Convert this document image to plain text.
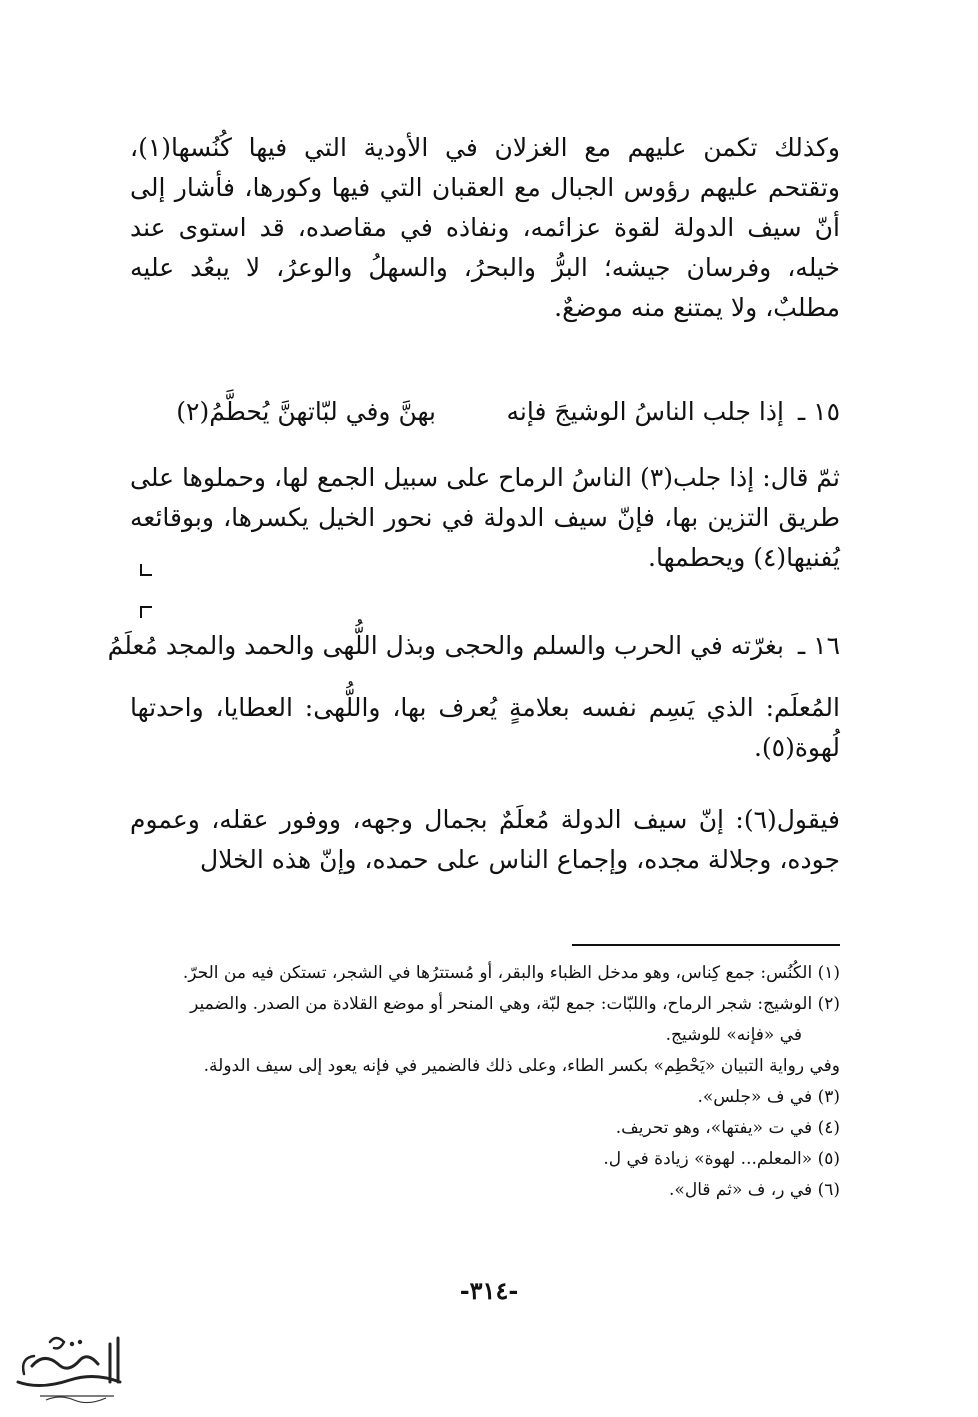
وكذلك تكمن عليهم مع الغزلان في الأودية التي فيها كُنُسها(١)، وتقتحم عليهم رؤوس الجبال مع العقبان التي فيها وكورها، فأشار إلى أنّ سيف الدولة لقوة عزائمه، ونفاذه في مقاصده، قد استوى عند خيله، وفرسان جيشه؛ البرُّ والبحرُ، والسهلُ والوعرُ، لا يبعُد عليه مطلبٌ، ولا يمتنع منه موضعٌ.
١٥ ـ إذا جلب الناسُ الوشيجَ فإنه بهنَّ وفي لبّاتهنَّ يُحطَّمُ(٢)
ثمّ قال: إذا جلب(٣) الناسُ الرماح على سبيل الجمع لها، وحملوها على طريق التزين بها، فإنّ سيف الدولة في نحور الخيل يكسرها، وبوقائعه يُفنيها(٤) ويحطمها.
١٦ ـ بغرّته في الحرب والسلم والحجى وبذل اللُّهى والحمد والمجد مُعلَمُ
المُعلَم: الذي يَسِم نفسه بعلامةٍ يُعرف بها، واللُّهى: العطايا، واحدتها لُهوة(٥).
فيقول(٦): إنّ سيف الدولة مُعلَمٌ بجمال وجهه، ووفور عقله، وعموم جوده، وجلالة مجده، وإجماع الناس على حمده، وإنّ هذه الخلال
(١) الكُنُس: جمع كِناس، وهو مدخل الظباء والبقر، أو مُستترُها في الشجر، تستكن فيه من الحرّ.
(٢) الوشيج: شجر الرماح، واللبّات: جمع لبّة، وهي المنحر أو موضع القلادة من الصدر. والضمير
في «فإنه» للوشيج.
وفي رواية التبيان «يَحْطِم» بكسر الطاء، وعلى ذلك فالضمير في فإنه يعود إلى سيف الدولة.
(٣) في ف «جلس».
(٤) في ت «يفتها»، وهو تحريف.
(٥) «المعلم... لهوة» زيادة في ل.
(٦) في ر، ف «ثم قال».
-٣١٤-
